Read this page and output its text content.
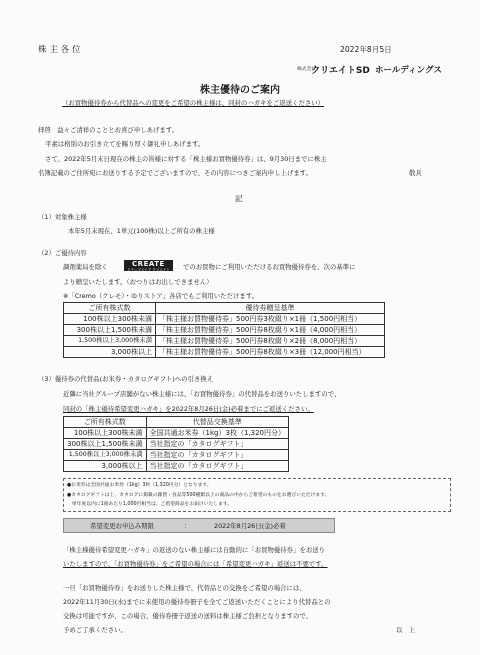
株 主 各 位	2022年8月5日
株式会社 クリエイトSD ホールディングス
株主優待のご案内
（お買物優待券から代替品への変更をご希望の株主様は、同封のハガキをご返送ください）
拝啓　益々ご清祥のこととお喜び申しあげます。
平素は格別のお引き立てを賜り厚く御礼申しあげます。
さて、2022年5月末日現在の株主の皆様に対する「株主様お買物優待券」は、9月30日までに株主
名簿記載のご住所宛にお送りする予定でございますので、その内容につきご案内申し上げます。	敬具
記
（1）対象株主様
本年5月末現在、1単元(100株)以上ご所有の株主様
（2）ご優待内容
調剤薬局を除く	CREATE
ドラッグストア クリエイト でのお買物にご利用いただけるお買物優待券を、次の基準に
より贈呈いたします。（おつりはお出しできません）
※「Cremo（クレモ）・ゆりストア」各店でもご利用いただけます。
ご所有株式数	優待券贈呈基準
100株以上300株未満	「株主様お買物優待券」500円券3枚綴り×1冊（1,500円相当）
300株以上1,500株未満	「株主様お買物優待券」500円券8枚綴り×1冊（4,000円相当）
1,500株以上3,000株未満	「株主様お買物優待券」500円券8枚綴り×2冊（8,000円相当）
3,000株以上	「株主様お買物優待券」500円券8枚綴り×3冊（12,000円相当）
（3）優待券の代替品(お米券・カタログギフト)への引き換え
近隣に当社グループ店舗がない株主様には、「お買物優待券」の代替品をお送りいたしますので、
同封の「株主優待希望変更ハガキ」を2022年8月26日(金)必着までにご返送ください。
ご所有株式数	代替品交換基準
100株以上300株未満	全国共通お米券（1kg）3枚（1,320円分）
300株以上1,500株未満	当社指定の「カタログギフト」
1,500株以上3,000株未満	当社指定の「カタログギフト」
3,000株以上	当社指定の「カタログギフト」
●お米券は全国共通お米券（1kg）3枚（1,320円分）となります。
●カタログギフトは上、カタログに掲載の雑貨・食品等500種類以上の商品の中からご希望のものをお選びいただけます。
　単年度以内に1冊あたり1,000円相当は、ご希望商品をお届けいたします。
希望変更お申込み期限	：	2022年8月26日(金)必着
「株主様優待希望変更ハガキ」の返送のない株主様には自動的に「お買物優待券」をお送り
いたしますので、「お買物優待券」をご希望の場合には「希望変更ハガキ」返送は不要です。
一旦「お買物優待券」をお送りした株主様で、代替品との交換をご希望の場合には、
2022年11月30日(水)までに未使用の優待券冊子を全てご返送いただくことにより代替品との
交換は可能ですが、この場合、優待券冊子返送の送料は株主様ご負担となりますので、
予めご了承ください。	以　上
